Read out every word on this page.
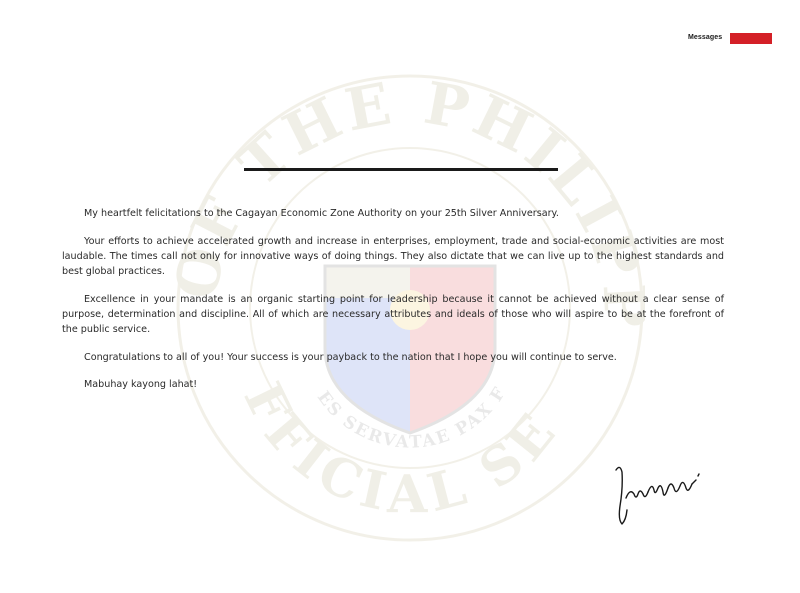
Messages
F THE PHILI
FFICIAL SE
ES SERVATAE PAX F

My heartfelt felicitations to the Cagayan Economic Zone Authority on your 25th Silver Anniversary.

Your efforts to achieve accelerated growth and increase in enterprises, employment, trade and social-economic activities are most laudable. The times call not only for innovative ways of doing things. They also dictate that we can live up to the highest standards and best global practices.

Excellence in your mandate is an organic starting point for leadership because it cannot be achieved without a clear sense of purpose, determination and discipline. All of which are necessary attributes and ideals of those who will aspire to be at the forefront of the public service.

Congratulations to all of you! Your success is your payback to the nation that I hope you will continue to serve.

Mabuhay kayong lahat!
